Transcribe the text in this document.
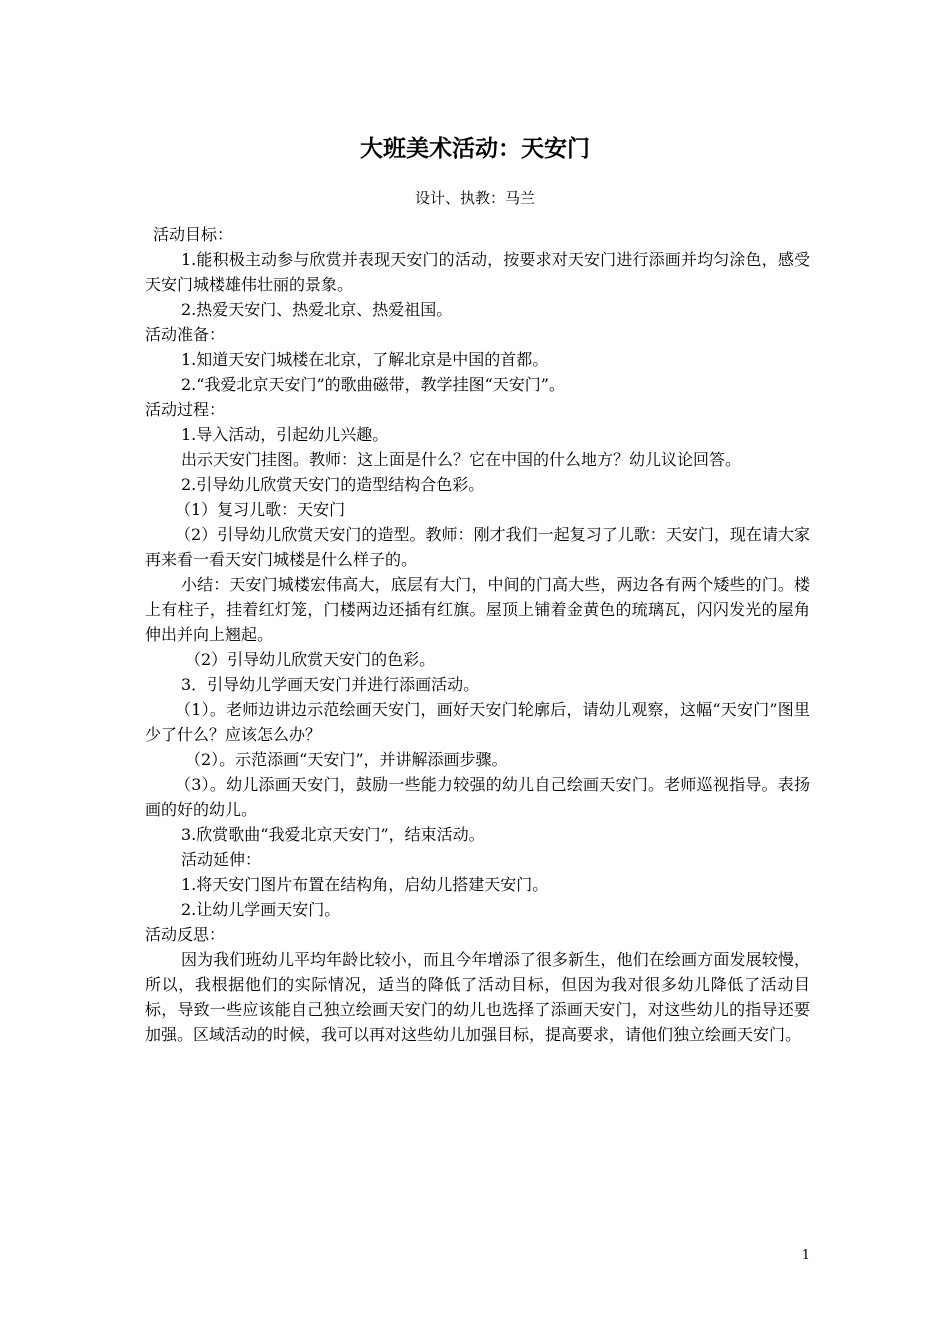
大班美术活动：天安门
设计、执教：马兰

活动目标：

1.能积极主动参与欣赏并表现天安门的活动，按要求对天安门进行添画并均匀涂色，感受天安门城楼雄伟壮丽的景象。

2.热爱天安门、热爱北京、热爱祖国。

活动准备：

1.知道天安门城楼在北京，了解北京是中国的首都。

2.“我爱北京天安门”的歌曲磁带，教学挂图“天安门”。

活动过程：

1.导入活动，引起幼儿兴趣。

出示天安门挂图。教师：这上面是什么？它在中国的什么地方？幼儿议论回答。

2.引导幼儿欣赏天安门的造型结构合色彩。

（1）复习儿歌：天安门

（2）引导幼儿欣赏天安门的造型。教师：刚才我们一起复习了儿歌：天安门，现在请大家再来看一看天安门城楼是什么样子的。

小结：天安门城楼宏伟高大，底层有大门，中间的门高大些，两边各有两个矮些的门。楼上有柱子，挂着红灯笼，门楼两边还插有红旗。屋顶上铺着金黄色的琉璃瓦，闪闪发光的屋角伸出并向上翘起。

（2）引导幼儿欣赏天安门的色彩。

3．引导幼儿学画天安门并进行添画活动。

（1）。老师边讲边示范绘画天安门，画好天安门轮廓后，请幼儿观察，这幅“天安门”图里少了什么？应该怎么办？

（2）。示范添画“天安门”，并讲解添画步骤。

（3）。幼儿添画天安门，鼓励一些能力较强的幼儿自己绘画天安门。老师巡视指导。表扬画的好的幼儿。

3.欣赏歌曲“我爱北京天安门”，结束活动。

活动延伸：

1.将天安门图片布置在结构角，启幼儿搭建天安门。

2.让幼儿学画天安门。

活动反思：

因为我们班幼儿平均年龄比较小，而且今年增添了很多新生，他们在绘画方面发展较慢，所以，我根据他们的实际情况，适当的降低了活动目标，但因为我对很多幼儿降低了活动目标，导致一些应该能自己独立绘画天安门的幼儿也选择了添画天安门，对这些幼儿的指导还要加强。区域活动的时候，我可以再对这些幼儿加强目标，提高要求，请他们独立绘画天安门。

1
